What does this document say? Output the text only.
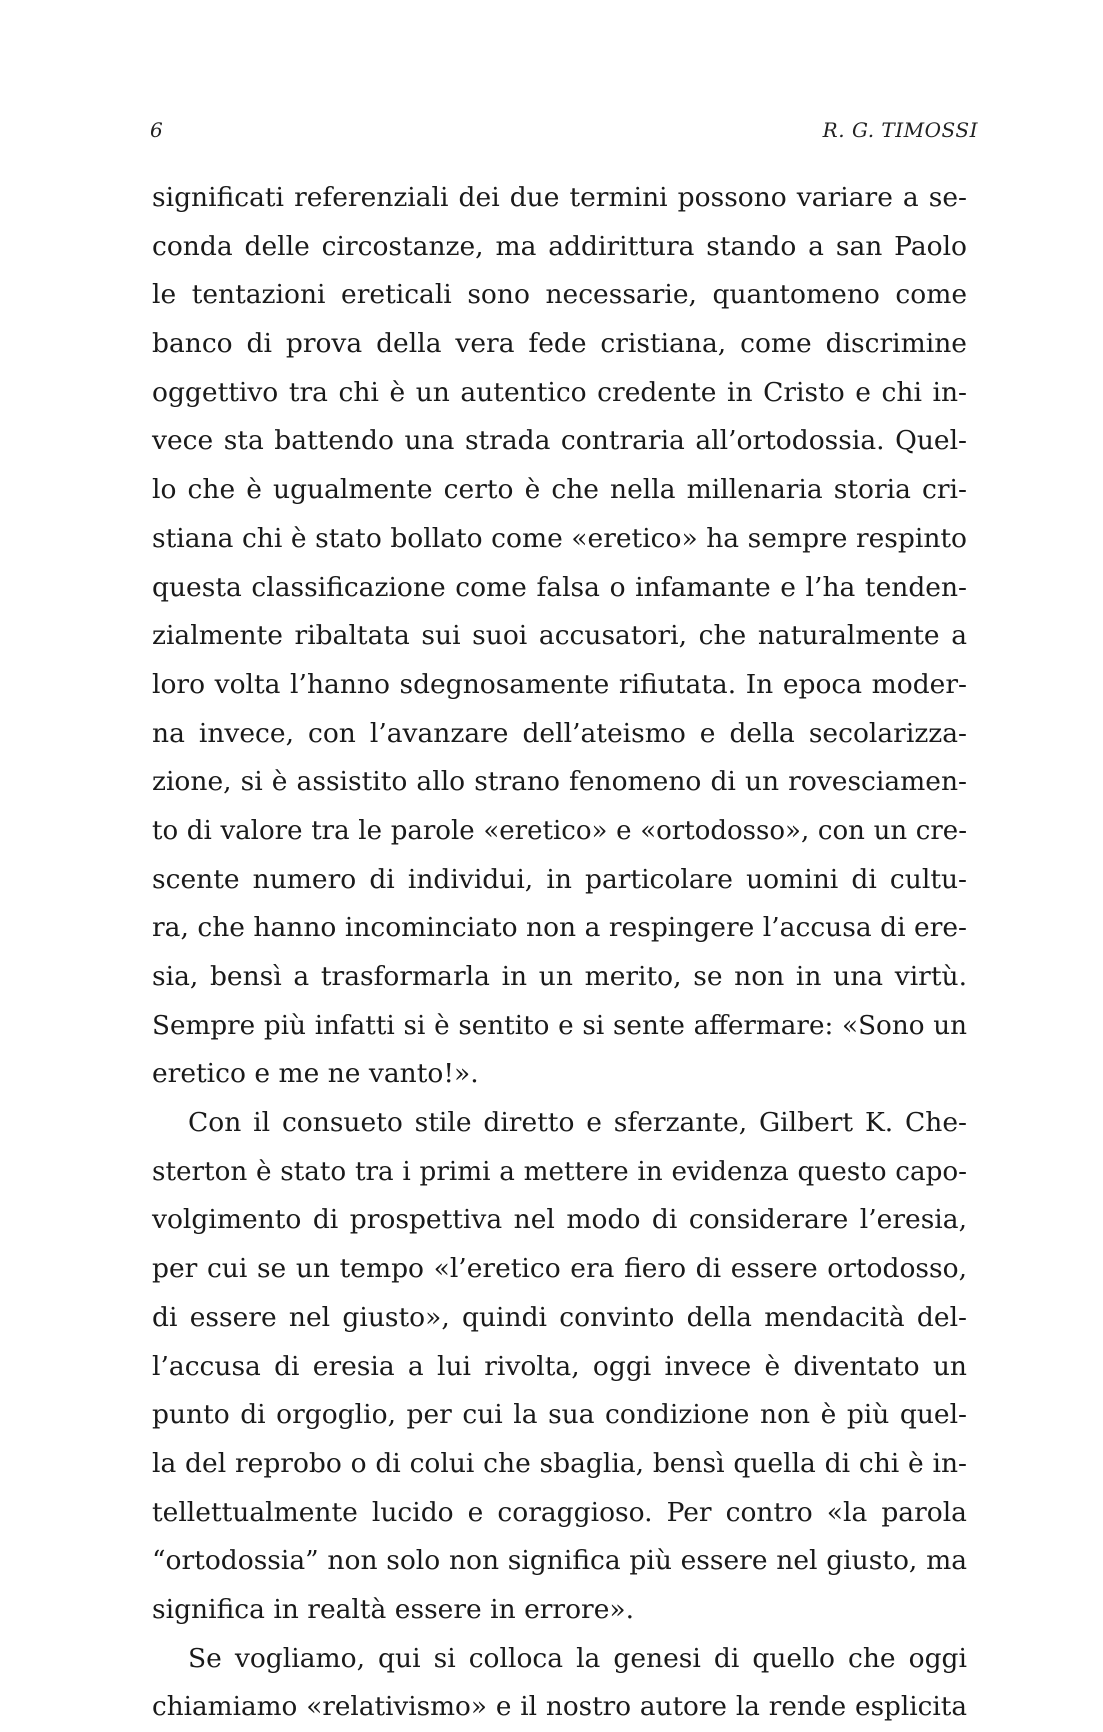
6	R. G. TIMOSSI
significati referenziali dei due termini possono variare a se-
conda delle circostanze, ma addirittura stando a san Paolo
le tentazioni ereticali sono necessarie, quantomeno come
banco di prova della vera fede cristiana, come discrimine
oggettivo tra chi è un autentico credente in Cristo e chi in-
vece sta battendo una strada contraria all’ortodossia. Quel-
lo che è ugualmente certo è che nella millenaria storia cri-
stiana chi è stato bollato come «eretico» ha sempre respinto
questa classificazione come falsa o infamante e l’ha tenden-
zialmente ribaltata sui suoi accusatori, che naturalmente a
loro volta l’hanno sdegnosamente rifiutata. In epoca moder-
na invece, con l’avanzare dell’ateismo e della secolarizza-
zione, si è assistito allo strano fenomeno di un rovesciamen-
to di valore tra le parole «eretico» e «ortodosso», con un cre-
scente numero di individui, in particolare uomini di cultu-
ra, che hanno incominciato non a respingere l’accusa di ere-
sia, bensì a trasformarla in un merito, se non in una virtù.
Sempre più infatti si è sentito e si sente affermare: «Sono un
eretico e me ne vanto!».
Con il consueto stile diretto e sferzante, Gilbert K. Che-
sterton è stato tra i primi a mettere in evidenza questo capo-
volgimento di prospettiva nel modo di considerare l’eresia,
per cui se un tempo «l’eretico era fiero di essere ortodosso,
di essere nel giusto», quindi convinto della mendacità del-
l’accusa di eresia a lui rivolta, oggi invece è diventato un
punto di orgoglio, per cui la sua condizione non è più quel-
la del reprobo o di colui che sbaglia, bensì quella di chi è in-
tellettualmente lucido e coraggioso. Per contro «la parola
“ortodossia” non solo non significa più essere nel giusto, ma
significa in realtà essere in errore».
Se vogliamo, qui si colloca la genesi di quello che oggi
chiamiamo «relativismo» e il nostro autore la rende esplicita
